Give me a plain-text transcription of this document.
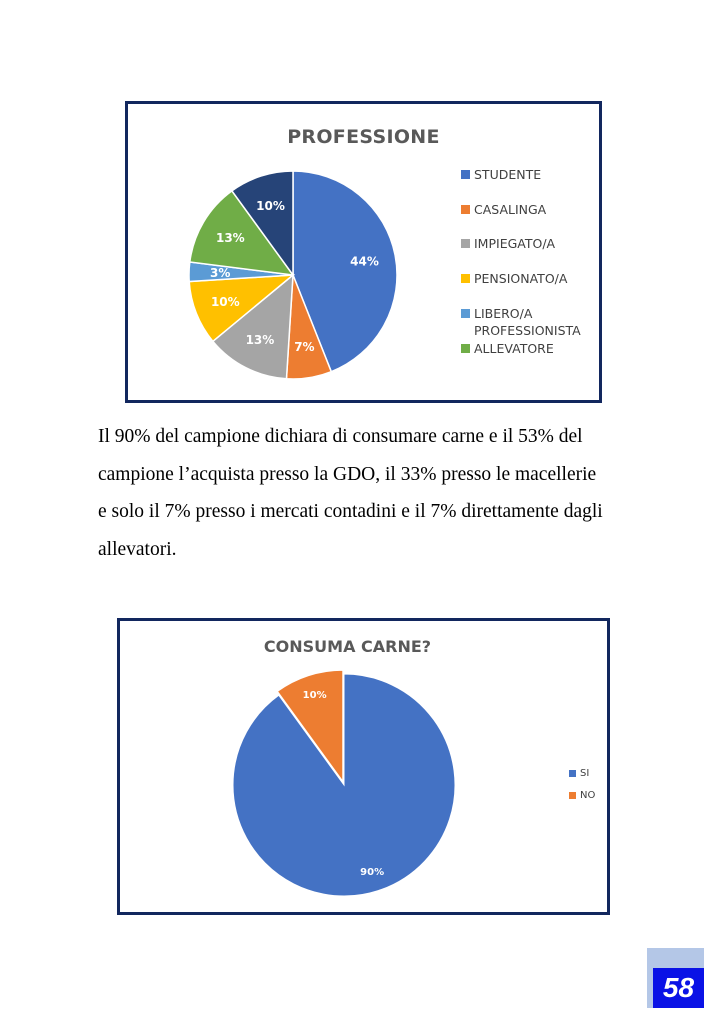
PROFESSIONE
44%
7%
13%
10%
3%
13%
10%
STUDENTE
CASALINGA
IMPIEGATO/A
PENSIONATO/A
LIBERO/A
PROFESSIONISTA
ALLEVATORE
Il 90% del campione dichiara di consumare carne e il 53% del
campione l’acquista presso la GDO, il 33% presso le macellerie
e solo il 7% presso i mercati contadini e il 7% direttamente dagli
allevatori.
CONSUMA CARNE?
90%
10%
SI
NO
58
